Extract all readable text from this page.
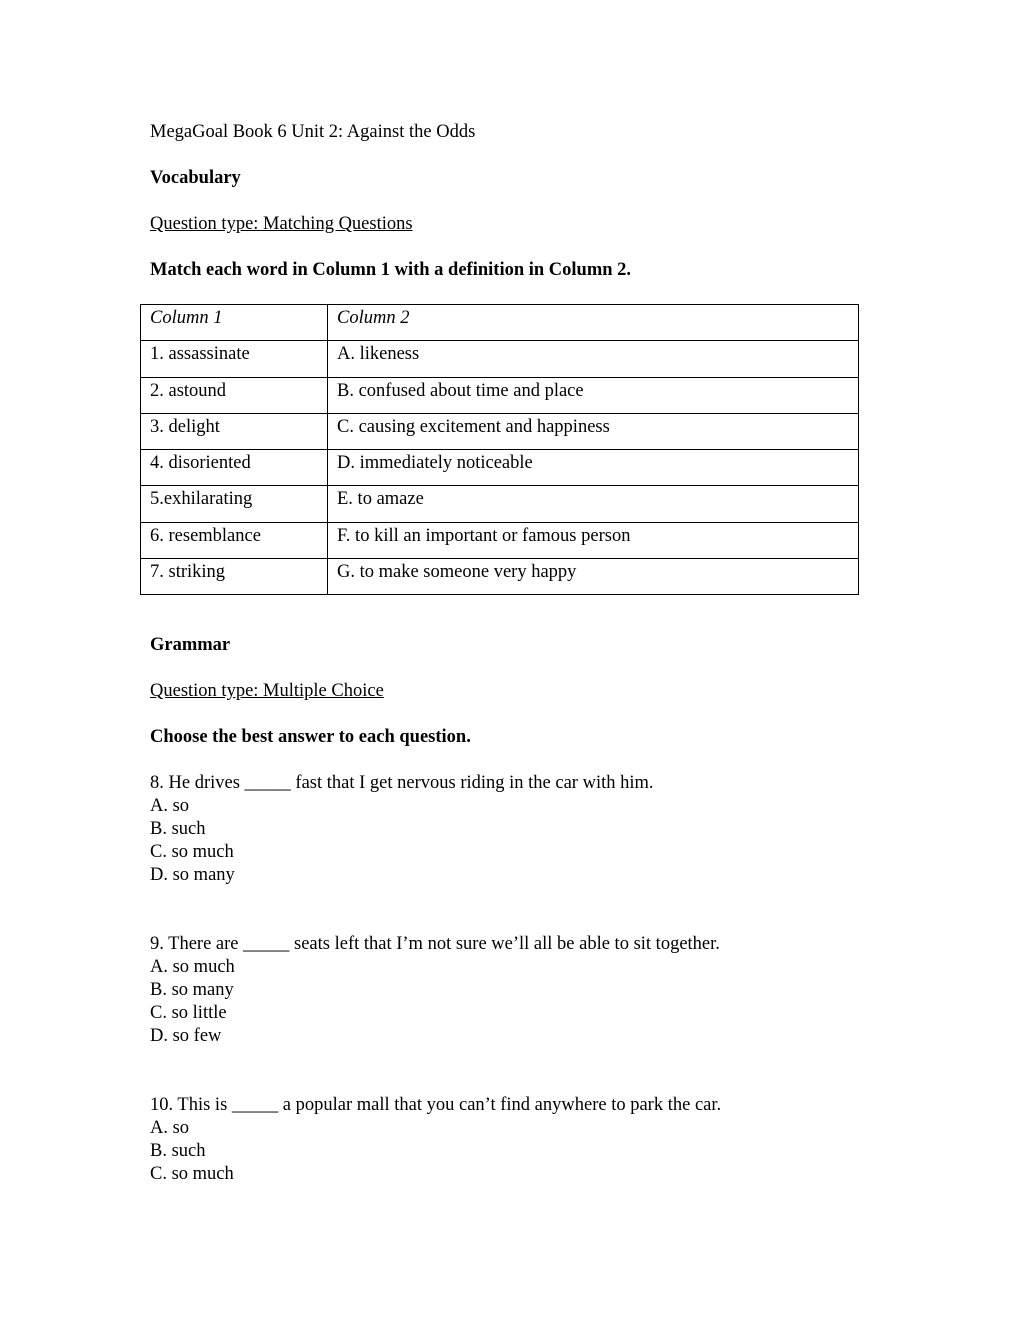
MegaGoal Book 6 Unit 2: Against the Odds
Vocabulary
Question type: Matching Questions
Match each word in Column 1 with a definition in Column 2.
Column 1	Column 2
1. assassinate	A. likeness
2. astound	B. confused about time and place
3. delight	C. causing excitement and happiness
4. disoriented	D. immediately noticeable
5.exhilarating	E. to amaze
6. resemblance	F. to kill an important or famous person
7. striking	G. to make someone very happy
Grammar
Question type: Multiple Choice
Choose the best answer to each question.
8. He drives _____ fast that I get nervous riding in the car with him.
A. so
B. such
C. so much
D. so many
9. There are _____ seats left that I’m not sure we’ll all be able to sit together.
A. so much
B. so many
C. so little
D. so few
10. This is _____ a popular mall that you can’t find anywhere to park the car.
A. so
B. such
C. so much
